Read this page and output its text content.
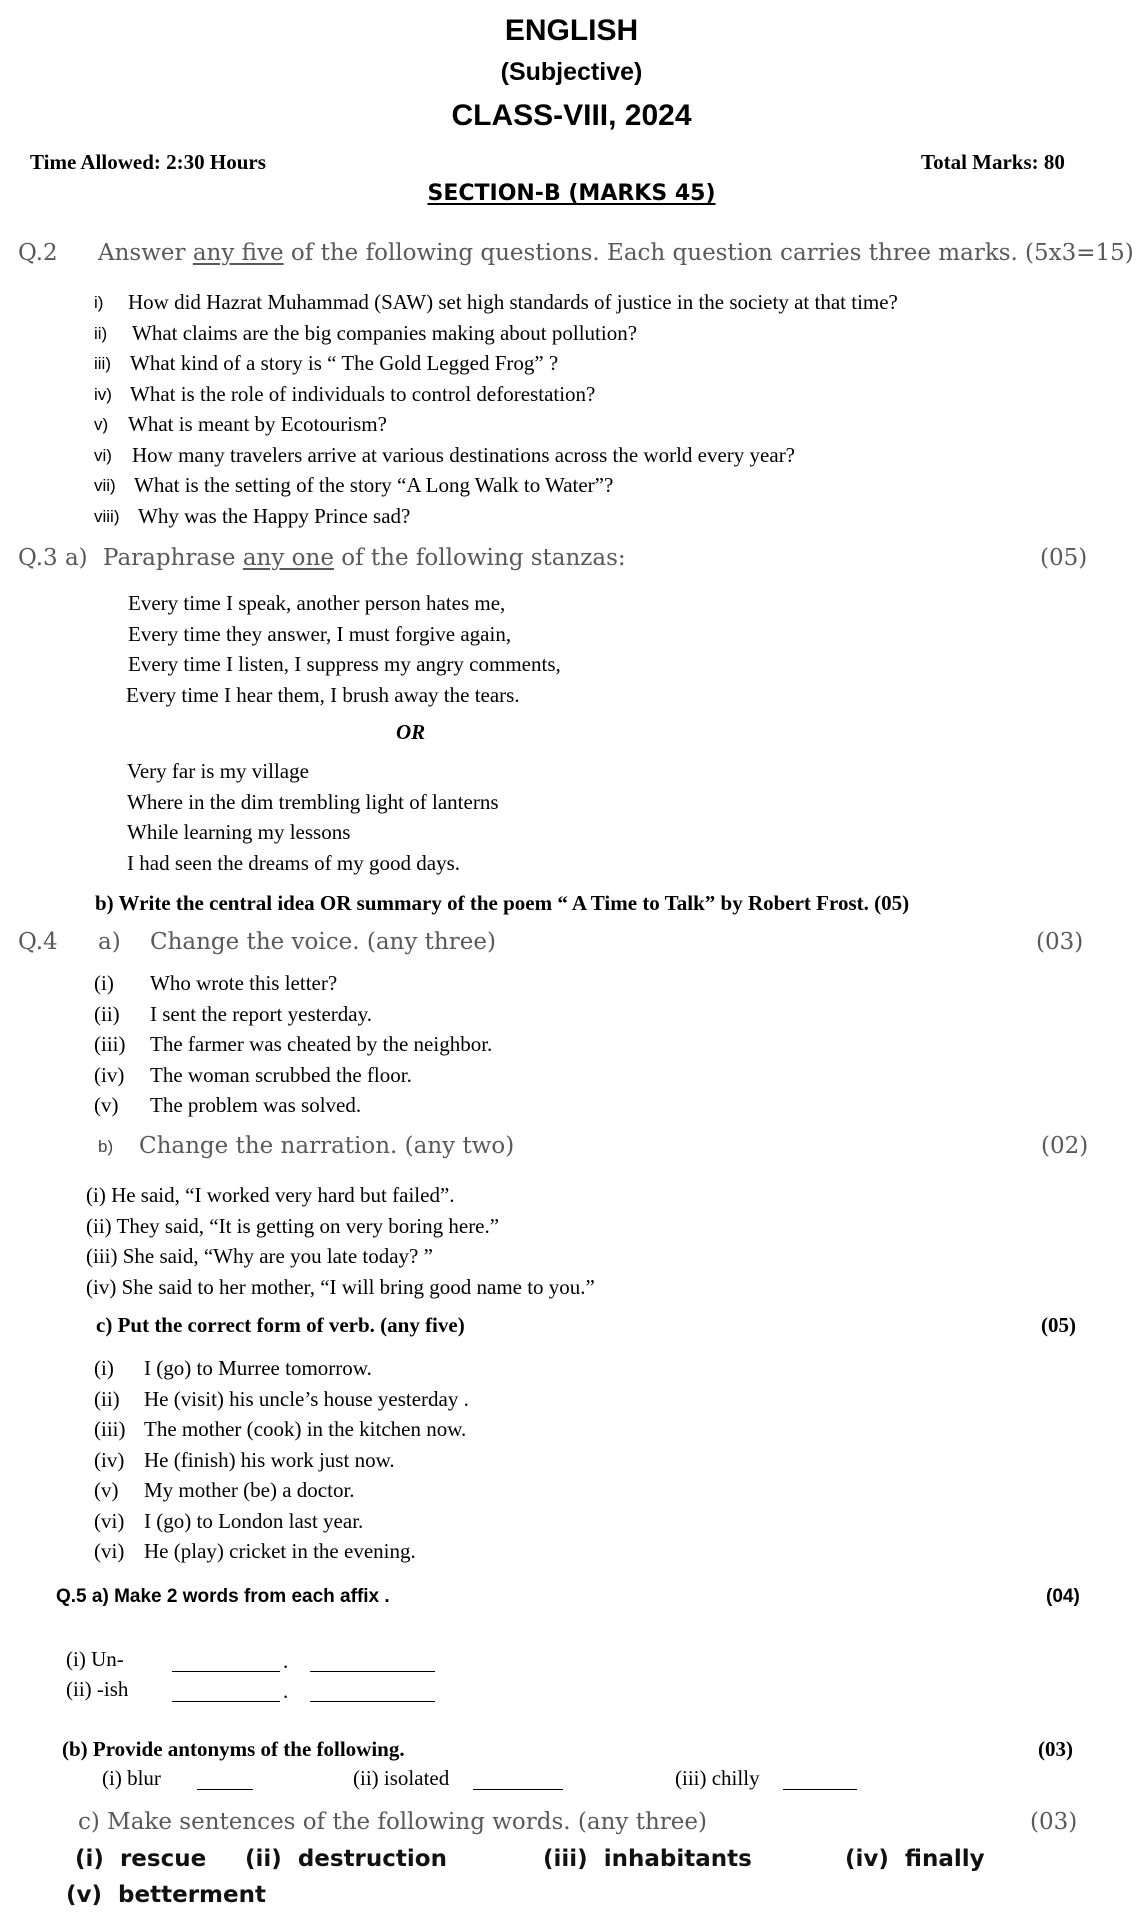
ENGLISH
(Subjective)
CLASS-VIII, 2024
Time Allowed: 2:30 Hours	Total Marks: 80
SECTION-B (MARKS 45)
Q.2 Answer any five of the following questions. Each question carries three marks. (5x3=15)
i) How did Hazrat Muhammad (SAW) set high standards of justice in the society at that time?
ii) What claims are the big companies making about pollution?
iii) What kind of a story is “ The Gold Legged Frog” ?
iv) What is the role of individuals to control deforestation?
v) What is meant by Ecotourism?
vi) How many travelers arrive at various destinations across the world every year?
vii) What is the setting of the story “A Long Walk to Water”?
viii) Why was the Happy Prince sad?
Q.3 a) Paraphrase any one of the following stanzas:	(05)
Every time I speak, another person hates me,
Every time they answer, I must forgive again,
Every time I listen, I suppress my angry comments,
Every time I hear them, I brush away the tears.
OR
Very far is my village
Where in the dim trembling light of lanterns
While learning my lessons
I had seen the dreams of my good days.
b) Write the central idea OR summary of the poem “ A Time to Talk” by Robert Frost. (05)
Q.4 a) Change the voice. (any three)	(03)
(i) Who wrote this letter?
(ii) I sent the report yesterday.
(iii) The farmer was cheated by the neighbor.
(iv) The woman scrubbed the floor.
(v) The problem was solved.
b) Change the narration. (any two)	(02)
(i) He said, “I worked very hard but failed”.
(ii) They said, “It is getting on very boring here.”
(iii) She said, “Why are you late today? ”
(iv) She said to her mother, “I will bring good name to you.”
c) Put the correct form of verb. (any five)	(05)
(i) I (go) to Murree tomorrow.
(ii) He (visit) his uncle’s house yesterday .
(iii) The mother (cook) in the kitchen now.
(iv) He (finish) his work just now.
(v) My mother (be) a doctor.
(vi) I (go) to London last year.
(vi) He (play) cricket in the evening.
Q.5 a) Make 2 words from each affix .	(04)
(i) Un-	.
(ii) -ish	.
(b) Provide antonyms of the following.	(03)
(i) blur	(ii) isolated	(iii) chilly
c) Make sentences of the following words. (any three)	(03)
(i) rescue (ii) destruction	(iii) inhabitants	(iv) finally
(v) betterment
